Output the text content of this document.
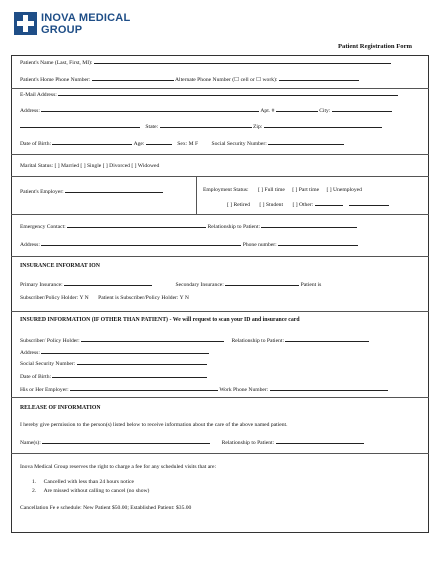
INOVA MEDICAL
GROUP
Patient Registration Form
Patient's Name (Last, First, MI):
Patient's Home Phone Number:	Alternate Phone Number (☐ cell or ☐ work):
E-Mail Address:
Address:	Apt. #	City:
State:	Zip:
Date of Birth:	Age:	Sex: M F Social Security Number:
Marital Status: [ ] Married [ ] Single [ ] Divorced [ ] Widowed
Patient's Employer:	Employment Status: [ ] Full time [ ] Part time [ ] Unemployed
[ ] Retired [ ] Student [ ] Other:
Emergency Contact:	Relationship to Patient:
Address:	Phone number:
INSURANCE INFORMAT ION
Primary Insurance:	Secondary Insurance:	Patient is
Subscriber/Policy Holder: Y N Patient is Subscriber/Policy Holder: Y N
INSURED INFORMATION (IF OTHER THAN PATIENT) - We will request to scan your ID and insurance card
Subscriber/ Policy Holder:	Relationship to Patient:
Address:
Social Security Number:
Date of Birth:
His or Her Employer:	Work Phone Number:
RELEASE OF INFORMATION
I hereby give permission to the person(s) listed below to receive information about the care of the above named patient.
Name(s):	Relationship to Patient:
Inova Medical Group reserves the right to charge a fee for any scheduled visits that are:
1. Cancelled with less than 24 hours notice
2. Are missed without calling to cancel (no show)
Cancellation Fe e schedule: New Patient $50.00; Established Patient: $35.00
